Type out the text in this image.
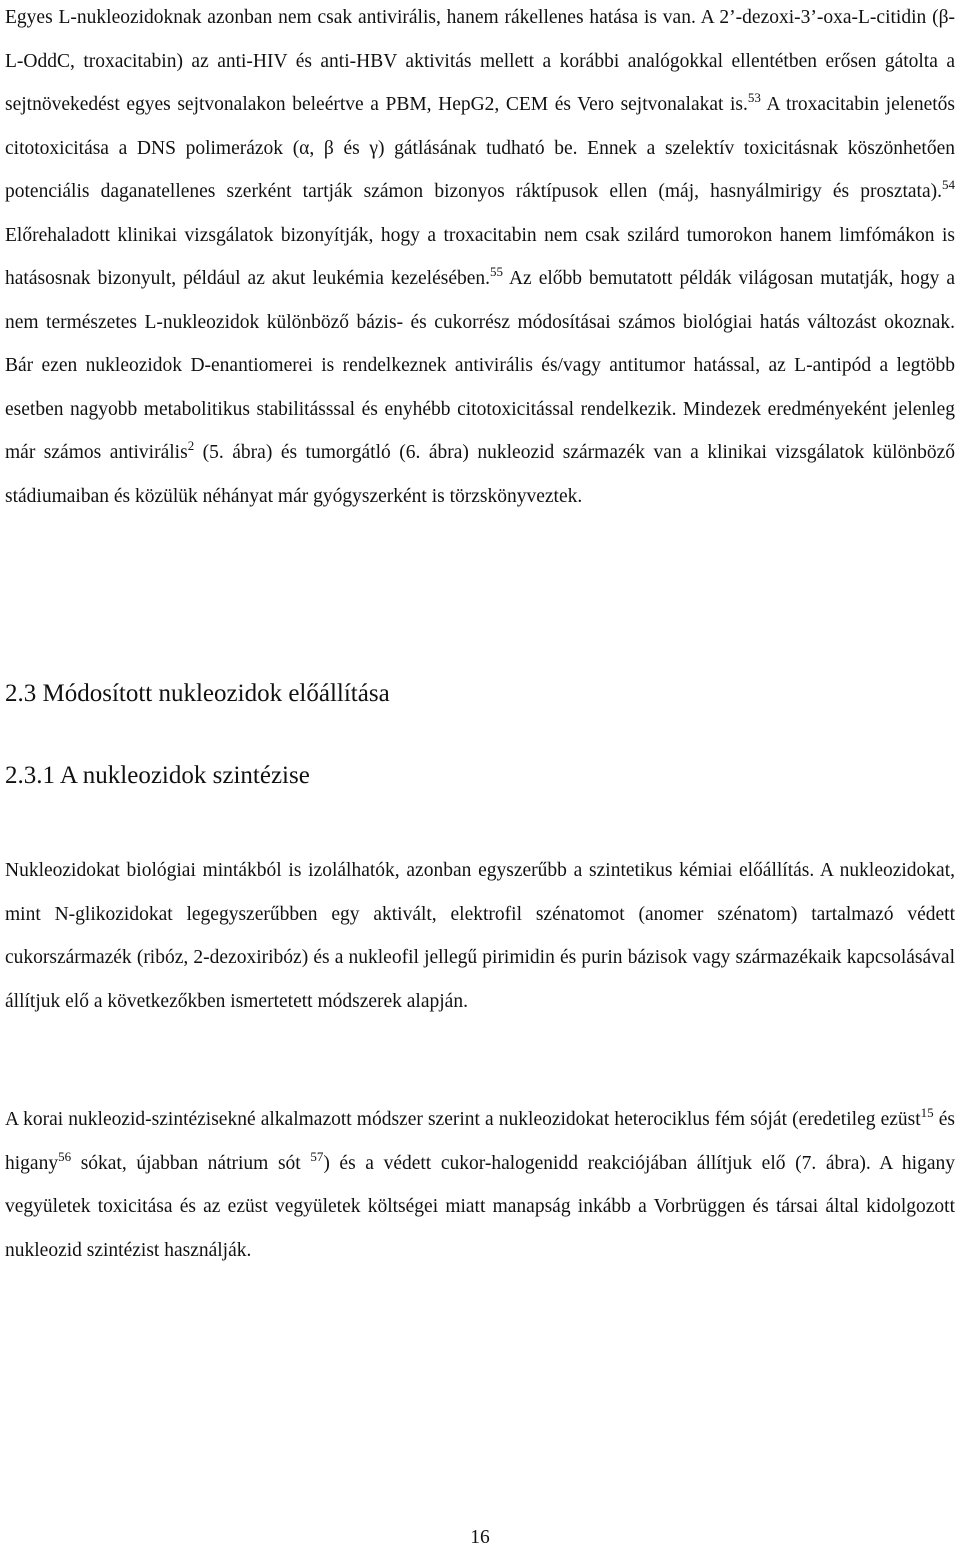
Egyes L-nukleozidoknak azonban nem csak antivirális, hanem rákellenes hatása is van. A 2’-dezoxi-3’-oxa-L-citidin (β-L-OddC, troxacitabin) az anti-HIV és anti-HBV aktivitás mellett a korábbi analógokkal ellentétben erősen gátolta a sejtnövekedést egyes sejtvonalakon beleértve a PBM, HepG2, CEM és Vero sejtvonalakat is.$^{53}$ A troxacitabin jelenetős citotoxicitása a DNS polimerázok (α, β és γ) gátlásának tudható be. Ennek a szelektív toxicitásnak köszönhetően potenciális daganatellenes szerként tartják számon bizonyos ráktípusok ellen (máj, hasnyálmirigy és prosztata).$^{54}$ Előrehaladott klinikai vizsgálatok bizonyítják, hogy a troxacitabin nem csak szilárd tumorokon hanem limfómákon is hatásosnak bizonyult, például az akut leukémia kezelésében.$^{55}$ Az előbb bemutatott példák világosan mutatják, hogy a nem természetes L-nukleozidok különböző bázis- és cukorrész módosításai számos biológiai hatás változást okoznak. Bár ezen nukleozidok D-enantiomerei is rendelkeznek antivirális és/vagy antitumor hatással, az L-antipód a legtöbb esetben nagyobb metabolitikus stabilitásssal és enyhébb citotoxicitással rendelkezik. Mindezek eredményeként jelenleg már számos antivirális$^2$ (5. ábra) és tumorgátló (6. ábra) nukleozid származék van a klinikai vizsgálatok különböző stádiumaiban és közülük néhányat már gyógyszerként is törzskönyveztek.

2.3 Módosított nukleozidok előállítása
2.3.1 A nukleozidok szintézise

Nukleozidokat biológiai mintákból is izolálhatók, azonban egyszerűbb a szintetikus kémiai előállítás. A nukleozidokat, mint N-glikozidokat legegyszerűbben egy aktivált, elektrofil szénatomot (anomer szénatom) tartalmazó védett cukorszármazék (ribóz, 2-dezoxiribóz) és a nukleofil jellegű pirimidin és purin bázisok vagy származékaik kapcsolásával állítjuk elő a következőkben ismertetett módszerek alapján.

A korai nukleozid-szintézisekné alkalmazott módszer szerint a nukleozidokat heterociklus fém sóját (eredetileg ezüst$^{15}$ és higany$^{56}$ sókat, újabban nátrium sót $^{57}$) és a védett cukor-halogenidd reakciójában állítjuk elő (7. ábra). A higany vegyületek toxicitása és az ezüst vegyületek költségei miatt manapság inkább a Vorbrüggen és társai által kidolgozott nukleozid szintézist használják.

16
